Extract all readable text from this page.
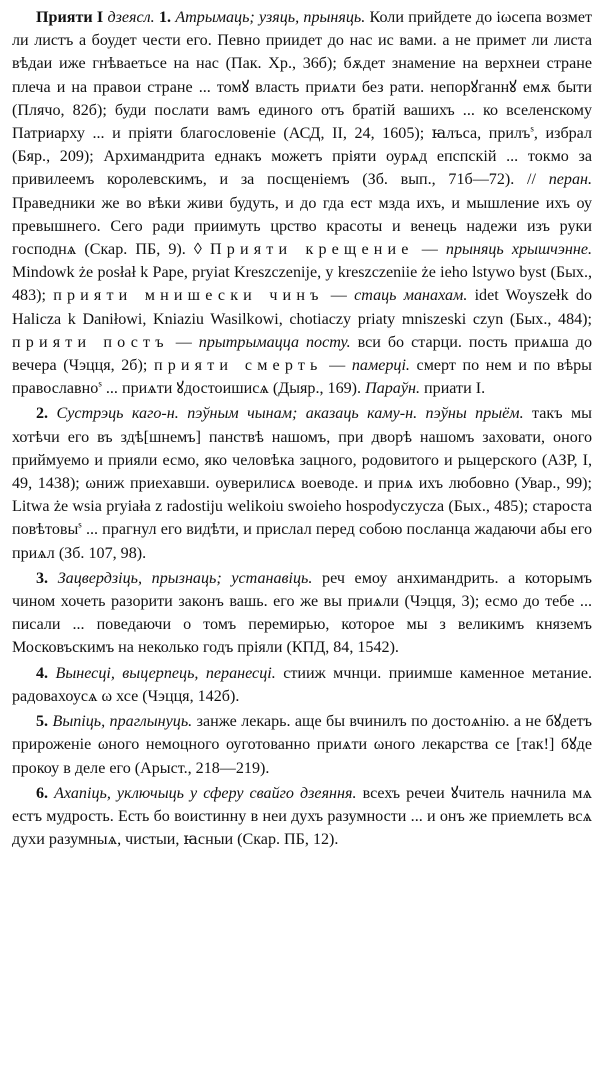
Прияти I дзеясл. 1. Атрымаць; узяць, прыняць. Коли прийдете до іωсепа возмет ли листъ а боудет чести его. Певно приидет до нас ис вами. а не примет ли листа вѣдаи иже гнѣваетьсе на нас (Пак. Хр., 36б); бѫдет знамение на верхнеи стране плеча и на правои стране ... томꙋ власть приѧти без рати. непорꙋганнꙋ емѫ быти (Плячо, 82б); буди послати вамъ единого отъ братій вашихъ ... ко вселенскому Патриарху ... и пріяти благословеніе (АСД, II, 24, 1605); ꙗлъса, прилъ$^s$, избрал (Бяр., 209); Архимандрита еднакъ можетъ пріяти оурѧд епспскій ... токмо за привилеемъ королевскимъ, и за посщеніемъ (Зб. вып., 71б—72). // перан. Праведники же во вѣки живи будуть, и до гда ест мзда ихъ, и мышление ихъ оу превышнего. Сего ради приимуть црство красоты и венець надежи изъ руки господнѧ (Скар. ПБ, 9). ◊ Прияти крещение — прыняць хрышчэнне. Mindowk że posłał k Pape, pryiat Kreszczenije, y kreszczeniie że ieho lstywo byst (Быx., 483); прияти мнишески чинъ — стаць манахам. idet Woyszełk do Halicza k Daniłowi, Kniaziu Wasilkowi, chotiaczy priaty mniszeski czyn (Быx., 484); прияти постъ — прытрымацца посту. вси бо старци. пость приѧша до вечера (Чэцця, 2б); прияти смерть — памерці. смерт по нем и по вѣры православно$^s$ ... приѧти ꙋдостоишисѧ (Дыяр., 169). Параўн. приати I.

2. Сустрэць каго-н. пэўным чынам; аказаць каму-н. пэўны прыём. такъ мы хотѣчи его въ здѣ[шнемъ] панствѣ нашомъ, при дворѣ нашомъ заховати, оного приймуемо и прияли есмо, яко человѣка зацного, родовитого и рыцерского (АЗР, I, 49, 1438); ωниж приехавши. оуверилисѧ воеводе. и приѧ ихъ любовно (Увар., 99); Litwa że wsia pryiała z radostiju welikoiu swoieho hospodyczycza (Быx., 485); староста повѣтовы$^s$ ... прагнул его видѣти, и прислал перед собою посланца жадаючи абы его приѧл (Зб. 107, 98).

3. Зацвердзіць, прызнаць; устанавіць. реч емоу анхимандрить. а которымъ чином хочеть разорити законъ вашь. его же вы приѧли (Чэцця, 3); есмо до тебе ... писали ... поведаючи о томъ перемирью, которое мы з великимъ княземъ Московъскимъ на неколько годъ пріяли (КПД, 84, 1542).

4. Вынесці, выцерпець, перанесці. стииж мчнци. приимше каменное метание. радовахоусѧ ω хсе (Чэцця, 142б).

5. Выпіць, праглынуць. занже лекарь. аще бы вчинилъ по достоѧнію. а не бꙋдетъ прироженіе ωного немоцного оуготованно приѧти ωного лекарства се [так!] бꙋде прокоу в деле его (Арыст., 218—219).

6. Ахапіць, уключыць у сферу свайго дзеяння. всехъ речеи ꙋчитель начнила мѧ естъ мудрость. Есть бо воистинну в неи духъ разумности ... и онъ же приемлеть всѧ духи разумныѧ, чистыи, ꙗсныи (Скар. ПБ, 12).
